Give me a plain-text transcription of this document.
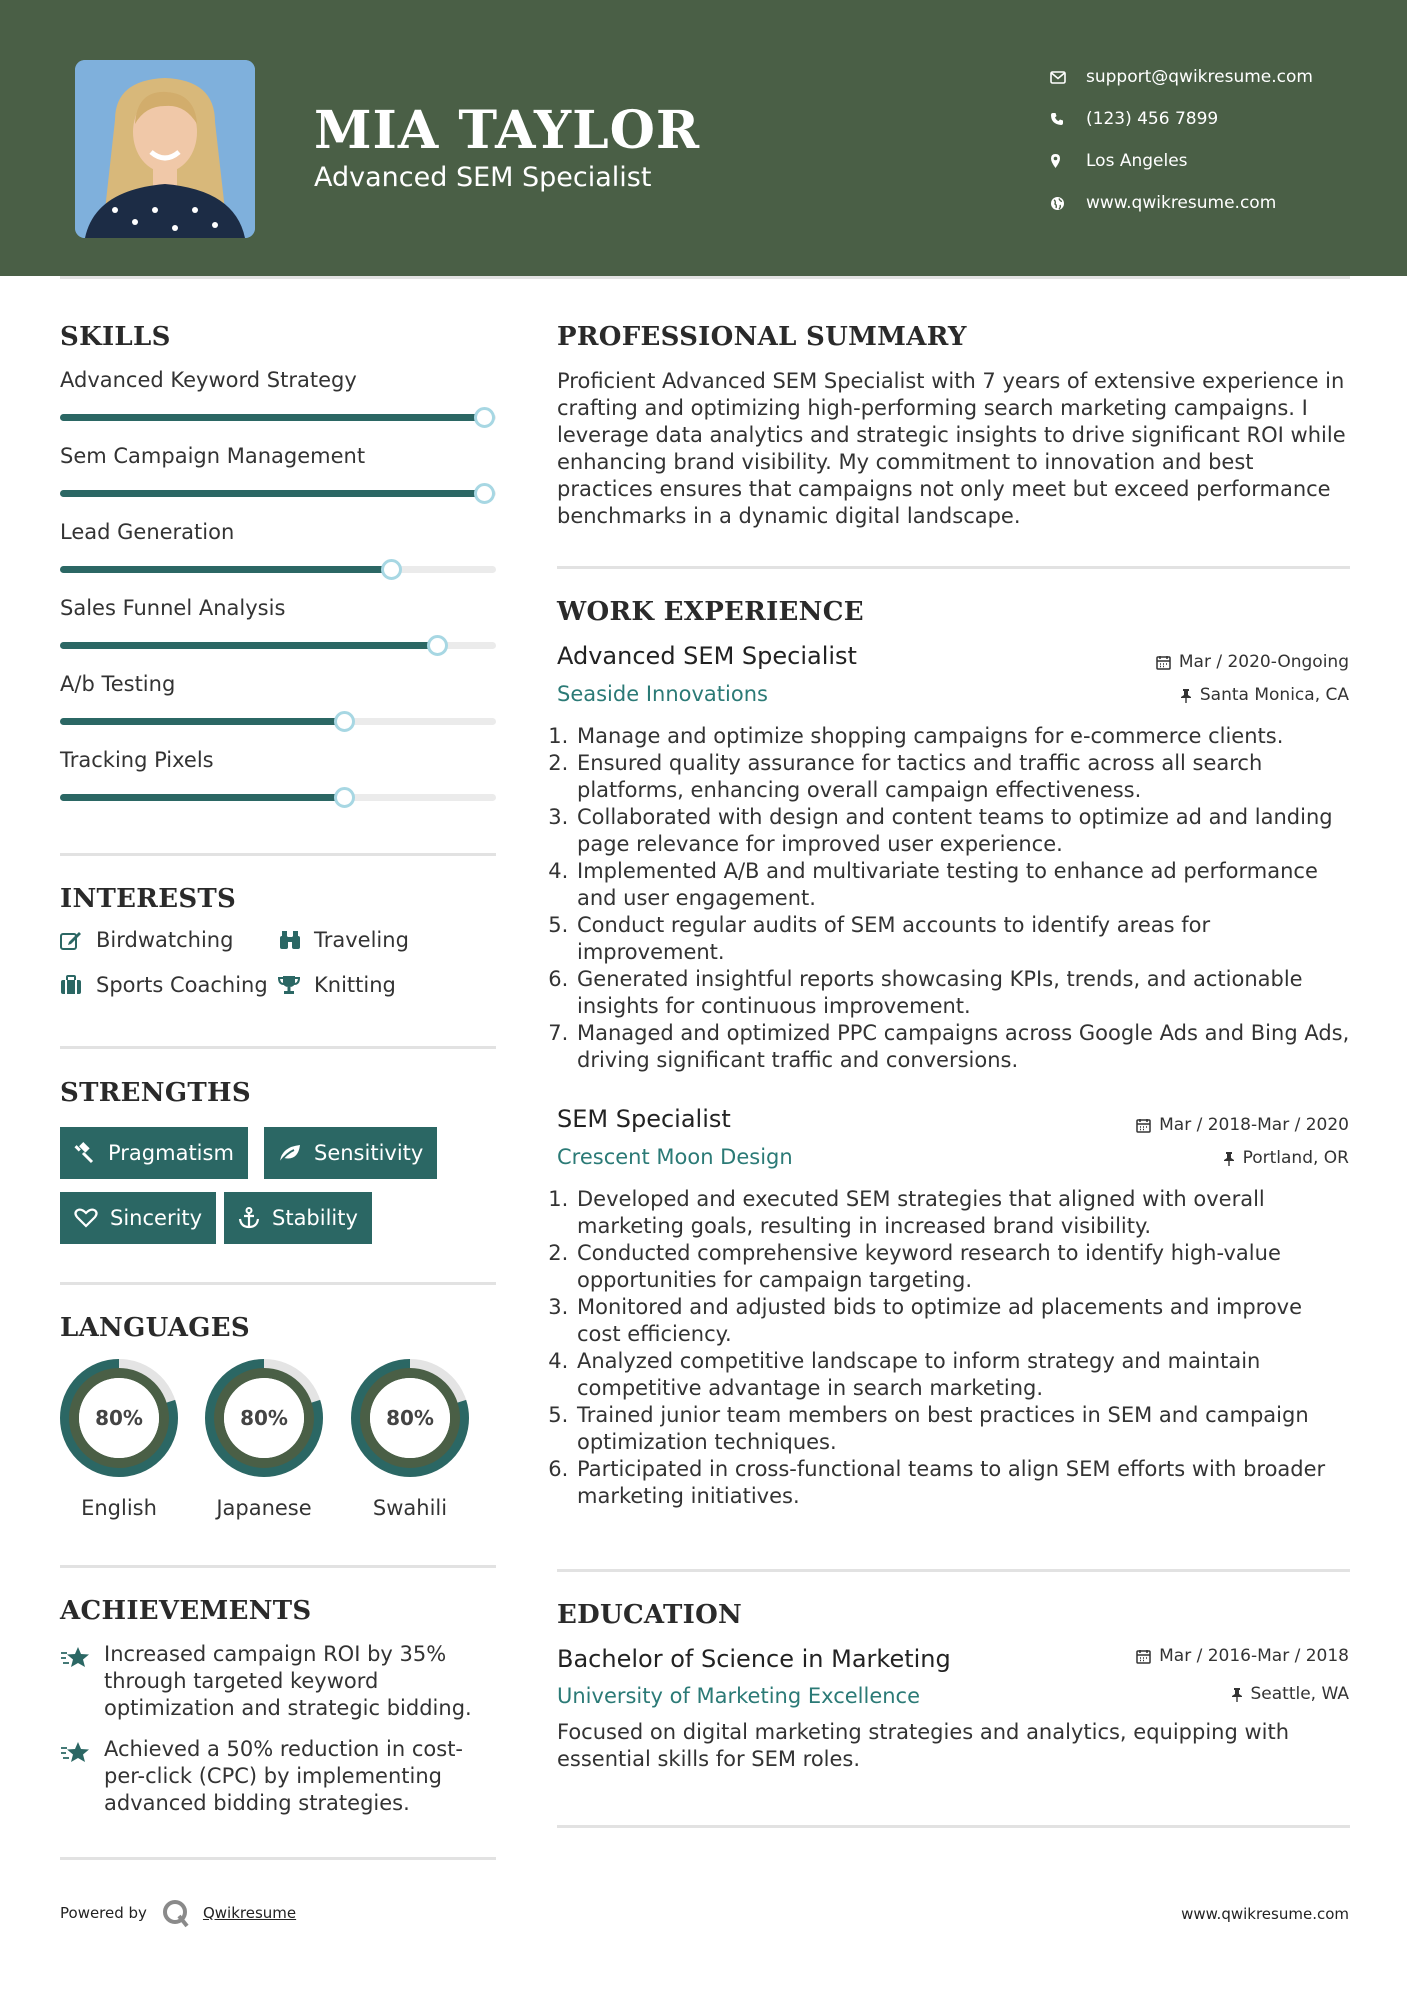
MIA TAYLOR
Advanced SEM Specialist
support@qwikresume.com
(123) 456 7899
Los Angeles
www.qwikresume.com
SKILLS
Advanced Keyword Strategy
Sem Campaign Management
Lead Generation
Sales Funnel Analysis
A/b Testing
Tracking Pixels
INTERESTS
Birdwatching	Traveling
Sports Coaching Knitting
STRENGTHS
Pragmatism	Sensitivity
Sincerity	Stability
LANGUAGES
80%
English
80%
Japanese
80%
Swahili
ACHIEVEMENTS
Increased campaign ROI by 35% through targeted keyword optimization and strategic bidding.
Achieved a 50% reduction in cost-per-click (CPC) by implementing advanced bidding strategies.
PROFESSIONAL SUMMARY
Proficient Advanced SEM Specialist with 7 years of extensive experience in crafting and optimizing high-performing search marketing campaigns. I leverage data analytics and strategic insights to drive significant ROI while enhancing brand visibility. My commitment to innovation and best practices ensures that campaigns not only meet but exceed performance benchmarks in a dynamic digital landscape.
WORK EXPERIENCE
Advanced SEM Specialist	Mar / 2020-Ongoing
Seaside Innovations	Santa Monica, CA
1. Manage and optimize shopping campaigns for e-commerce clients.
2. Ensured quality assurance for tactics and traffic across all search platforms, enhancing overall campaign effectiveness.
3. Collaborated with design and content teams to optimize ad and landing page relevance for improved user experience.
4. Implemented A/B and multivariate testing to enhance ad performance and user engagement.
5. Conduct regular audits of SEM accounts to identify areas for improvement.
6. Generated insightful reports showcasing KPIs, trends, and actionable insights for continuous improvement.
7. Managed and optimized PPC campaigns across Google Ads and Bing Ads, driving significant traffic and conversions.
SEM Specialist	Mar / 2018-Mar / 2020
Crescent Moon Design	Portland, OR
1. Developed and executed SEM strategies that aligned with overall marketing goals, resulting in increased brand visibility.
2. Conducted comprehensive keyword research to identify high-value opportunities for campaign targeting.
3. Monitored and adjusted bids to optimize ad placements and improve cost efficiency.
4. Analyzed competitive landscape to inform strategy and maintain competitive advantage in search marketing.
5. Trained junior team members on best practices in SEM and campaign optimization techniques.
6. Participated in cross-functional teams to align SEM efforts with broader marketing initiatives.
EDUCATION
Bachelor of Science in Marketing	Mar / 2016-Mar / 2018
University of Marketing Excellence	Seattle, WA
Focused on digital marketing strategies and analytics, equipping with essential skills for SEM roles.
Powered by	Qwikresume	www.qwikresume.com
